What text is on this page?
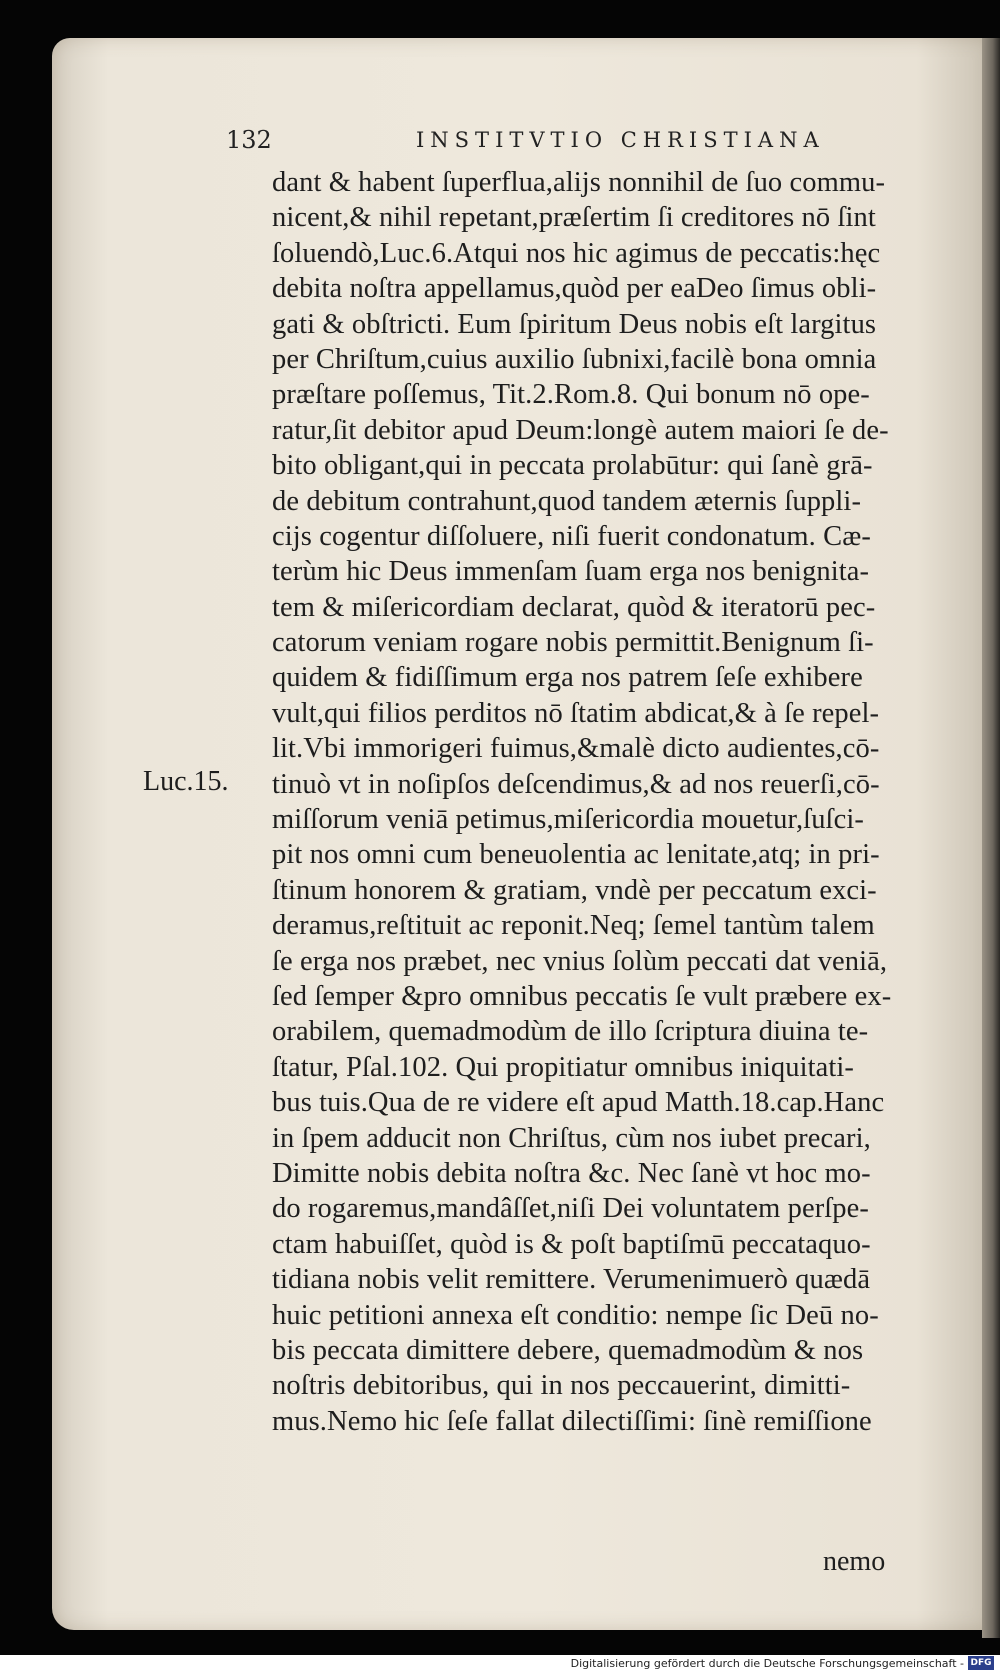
132	INSTITVTIO CHRISTIANA
Luc.15.
dant & habent ſuperflua,alijs nonnihil de ſuo commu-
nicent,& nihil repetant,præſertim ſi creditores nō ſint
ſoluendò,Luc.6.Atqui nos hic agimus de peccatis:hęc
debita noſtra appellamus,quòd per eaDeo ſimus obli-
gati & obſtricti. Eum ſpiritum Deus nobis eſt largitus
per Chriſtum,cuius auxilio ſubnixi,facilè bona omnia
præſtare poſſemus, Tit.2.Rom.8. Qui bonum nō ope-
ratur,ſit debitor apud Deum:longè autem maiori ſe de-
bito obligant,qui in peccata prolabūtur: qui ſanè grā-
de debitum contrahunt,quod tandem æternis ſuppli-
cijs cogentur diſſoluere, niſi fuerit condonatum. Cæ-
terùm hic Deus immenſam ſuam erga nos benignita-
tem & miſericordiam declarat, quòd & iteratorū pec-
catorum veniam rogare nobis permittit.Benignum ſi-
quidem & fidiſſimum erga nos patrem ſeſe exhibere
vult,qui filios perditos nō ſtatim abdicat,& à ſe repel-
lit.Vbi immorigeri fuimus,&malè dicto audientes,cō-
tinuò vt in noſipſos deſcendimus,& ad nos reuerſi,cō-
miſſorum veniā petimus,miſericordia mouetur,ſuſci-
pit nos omni cum beneuolentia ac lenitate,atq; in pri-
ſtinum honorem & gratiam, vndè per peccatum exci-
deramus,reſtituit ac reponit.Neq; ſemel tantùm talem
ſe erga nos præbet, nec vnius ſolùm peccati dat veniā,
ſed ſemper &pro omnibus peccatis ſe vult præbere ex-
orabilem, quemadmodùm de illo ſcriptura diuina te-
ſtatur, Pſal.102. Qui propitiatur omnibus iniquitati-
bus tuis.Qua de re videre eſt apud Matth.18.cap.Hanc
in ſpem adducit non Chriſtus, cùm nos iubet precari,
Dimitte nobis debita noſtra &c. Nec ſanè vt hoc mo-
do rogaremus,mandâſſet,niſi Dei voluntatem perſpe-
ctam habuiſſet, quòd is & poſt baptiſmū peccataquo-
tidiana nobis velit remittere. Verumenimuerò quædā
huic petitioni annexa eſt conditio: nempe ſic Deū no-
bis peccata dimittere debere, quemadmodùm & nos
noſtris debitoribus, qui in nos peccauerint, dimitti-
mus.Nemo hic ſeſe fallat dilectiſſimi: ſinè remiſſione
nemo
Digitalisierung gefördert durch die Deutsche Forschungsgemeinschaft - DFG
